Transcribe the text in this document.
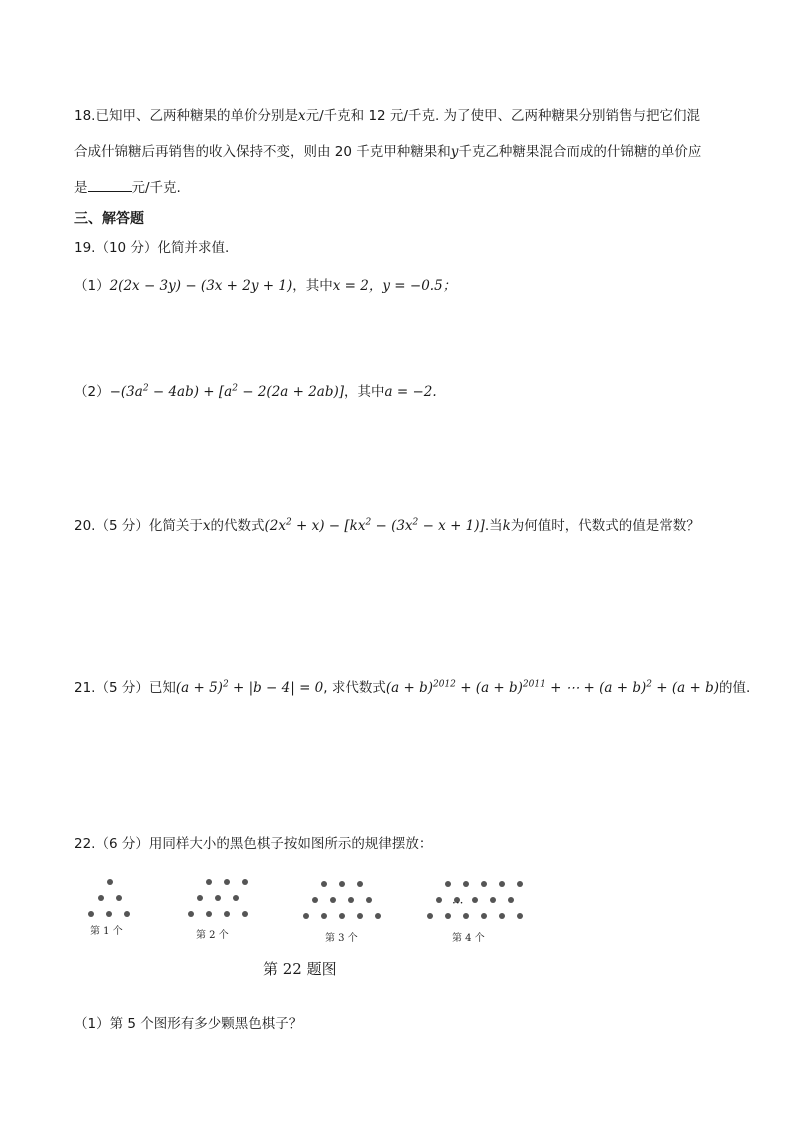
18.已知甲、乙两种糖果的单价分别是x元/千克和 12 元/千克. 为了使甲、乙两种糖果分别销售与把它们混
合成什锦糖后再销售的收入保持不变，则由 20 千克甲种糖果和y千克乙种糖果混合而成的什锦糖的单价应
是	元/千克.
三、解答题
19.（10 分）化简并求值.
（1）2(2x − 3y) − (3x + 2y + 1)，其中x = 2，y = −0.5；
$(2)-(3a^2 - 4ab) + [a^2 - 2(2a + 2ab)]$，其中a = −2.
20.（5 分）化简关于x的代数式$(2x^2 + x) - [kx^2 - (3x^2 - x + 1)]$.当k为何值时，代数式的值是常数？
21.（5 分）已知$(a + 5)^2 + |b - 4| = 0$, 求代数式$(a + b)^{2012} + (a + b)^{2011}$ + ⋯ + $(a + b)^2 + (a + b)$的值.
22.（6 分）用同样大小的黑色棋子按如图所示的规律摆放：
···
第 1 个	第 2 个	第 3 个	第 4 个
第 22 题图
（1）第 5 个图形有多少颗黑色棋子？
